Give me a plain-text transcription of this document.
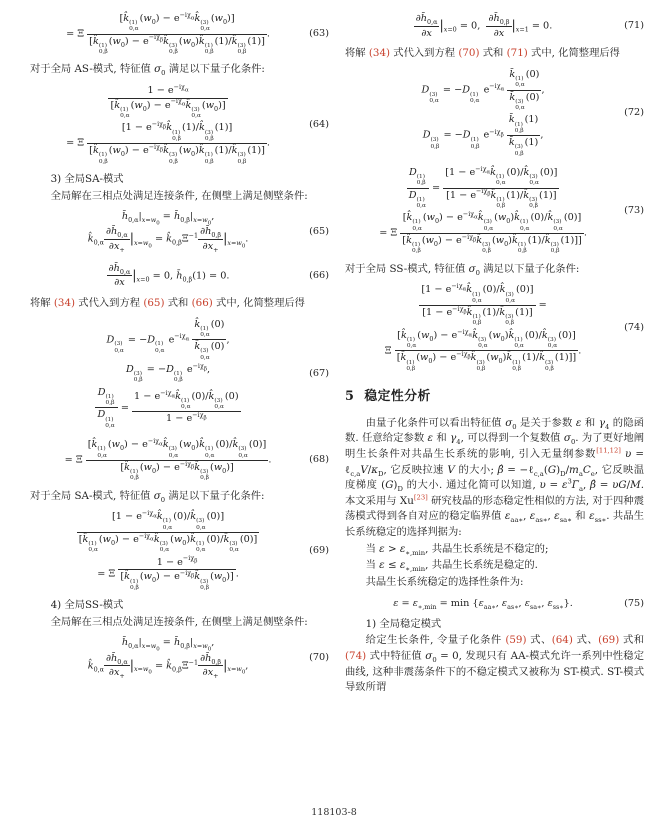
= Ξ
[k̂ (1)
0,α
$(w_0)$ − $e^{-i\chi_\alpha}k̂$ (3)
0,α
$(w_0)$]
[k̂ (1)
0,β
$(w_0)$ − $e^{-i\chi_\beta}k̂$ (3)
0,β
$(w_0)k̂$ (1)
0,β
(1)/k̂ (3)
0,β
(1)]
.	(63)
对于全局 AS-模式, 特征值 $\sigma_0$ 满足以下量子化条件:
$1 - e^{-i\chi_\alpha}$
[k̂ (1)
0,α
$(w_0)$ − $e^{-i\chi_\alpha}k̂$ (3)
0,α
$(w_0)$]
= Ξ
[$1 - e^{-i\chi_\beta}k̂$ (1)
0,β
(1)/k̂ (3)
0,β
(1)]
[k̂ (1)
0,β
$(w_0)$ − $e^{-i\chi_\beta}k̂$ (3)
0,β
$(w_0)k̂$ (1)
0,β
(1)/k̂ (3)
0,β
(1)]
.
(64)
3) 全局SA-模式
全局解在三相点处满足连接条件, 在侧壁上满足侧壁条件:
$h̄_{0,\alpha}|_{x=w_0}$ = $h̄_{0,\beta}|_{x=w_0}$,
$k̂_{0,\alpha} \frac{\partial h̄_{0,\alpha}}{\partial x_+} |_{x=w_0}$ = $k̂_{0,\beta}\Xi^{-1} \frac{\partial h̄_{0,\beta}}{\partial x_+} |_{x=w_0}$.
(65)
$\frac{\partial h̄_{0,\alpha}}{\partial x} |_{x=0} = 0$, $h̄_{0,\beta}(1) = 0$.	(66)
将解 (34) 式代入到方程 (65) 式和 (66) 式中, 化简整理后得
D (3)
0,α
= −D (1)
0,α
$e^{-i\chi_\alpha}$ k̂ (1)
0,α
(0)
k̂ (3)
0,α
(0) ,
D (3)
0,β
= −D (1)
0,β
$e^{-i\chi_\beta}$,
D (1)
0,β
D (1)
0,α =
$1 - e^{-i\chi_\alpha}k̂$ (1)
0,α
(0)/k̂ (3)
0,α
(0)
$1 - e^{-i\chi_\beta}$
(67)
= Ξ
[k̂ (1)
0,α
$(w_0)$ − $e^{-i\chi_\alpha}k̂$ (3)
0,α
$(w_0)k̂$ (1)
0,α
(0)/k̂ (3)
0,α
(0)]
[k̂ (1)
0,β
$(w_0)$ − $e^{-i\chi_\beta}k̂$ (3)
0,β
$(w_0)$]
.	(68)
对于全局 SA-模式, 特征值 $\sigma_0$ 满足以下量子化条件:
[$1 - e^{-i\chi_\alpha}k̂$ (1)
0,α
(0)/k̂ (3)
0,α
(0)]
[k̂ (1)
0,α
$(w_0)$ − $e^{-i\chi_\alpha}k̂$ (3)
0,α
$(w_0)k̂$ (1)
0,α
(0)/k̂ (3)
0,α
(0)]
= Ξ
$1 - e^{-i\chi_\beta}$
[k̂ (1)
0,β
$(w_0)$ − $e^{-i\chi_\beta}k̂$ (3)
0,β
$(w_0)$] .
(69)
4) 全局SS-模式
全局解在三相点处满足连接条件, 在侧壁上满足侧壁条件:
$h̄_{0,\alpha}|_{x=w_0}$ = $h̄_{0,\beta}|_{x=w_0}$,
$k̂_{0,\alpha} \frac{\partial h̄_{0,\alpha}}{\partial x_+} |_{x=w_0}$ = $k̂_{0,\beta}\Xi^{-1} \frac{\partial h̄_{0,\beta}}{\partial x_+} |_{x=w_0}$,
(70)
$\frac{\partial h̄_{0,\alpha}}{\partial x} |_{x=0} = 0$, $\frac{\partial h̄_{0,\beta}}{\partial x} |_{x=1} = 0$.	(71)
将解 (34) 式代入到方程 (70) 式和 (71) 式中, 化简整理后得
D (3)
0,α
= −D (1)
0,α
$e^{-i\chi_\alpha}$ k̄ (1)
0,α
(0)
k̄ (3)
0,α
(0) ,
D (3)
0,β
= −D (1)
0,β
$e^{-i\chi_\beta}$ k̄ (1)
0,β
(1)
k̄ (3)
0,β
(1) ,
(72)
D (1)
0,β
D (1)
0,α =
[$1 - e^{-i\chi_\alpha}k̂$ (1)
0,α
(0)/k̂ (3)
0,α
(0)]
[$1 - e^{-i\chi_\beta}k̂$ (1)
0,β
(1)/k̂ (3)
0,β
(1)]
= Ξ
[k̂ (1)
0,α
$(w_0)$ − $e^{-i\chi_\alpha}k̂$ (3)
0,α
$(w_0)k̂$ (1)
0,α
(0)/k̂ (3)
0,α
(0)]
[k̂ (1)
0,β
$(w_0)$ − $e^{-i\chi_\beta}k̂$ (3)
0,β
$(w_0)k̂$ (1)
0,β
(1)/k̂ (3)
0,β
(1)]]
.
(73)
对于全局 SS-模式, 特征值 $\sigma_0$ 满足以下量子化条件:
[$1 - e^{-i\chi_\alpha}k̂$ (1)
0,α
(0)/k̂ (3)
0,α
(0)]
[$1 - e^{-i\chi_\beta}k̂$ (1)
0,β
(1)/k̂ (3)
0,β
(1)]
=
Ξ
[k̂ (1)
0,α
$(w_0)$ − $e^{-i\chi_\alpha}k̂$ (3)
0,α
$(w_0)k̂$ (1)
0,α
(0)/k̂ (3)
0,α
(0)]
[k̂ (1)
0,β
$(w_0)$ − $e^{-i\chi_\beta}k̂$ (3)
0,β
$(w_0)k̂$ (1)
0,β
(1)/k̂ (3)
0,β
(1)]]
.
(74)
5  稳定性分析
由量子化条件可以看出特征值 $\sigma_0$ 是关于参数 ε 和 $\gamma_4$ 的隐函数. 任意给定参数 ε 和 $\gamma_4$, 可以得到一个复数值 $\sigma_0$. 为了更好地阐明生长条件对共晶生长系统的影响, 引入无量纲参数[11,12] $\upsilon = \ell_{c,a}V/\kappa_D$, 它反映拉速 V 的大小; β̂ = $-\ell_{c,a}(G)_D/m_aC_e$, 它反映温度梯度 $(G)_D$ 的大小. 通过化简可以知道, $\upsilon = \varepsilon^3\Gammā_a$, β̂ = υG/M. 本文采用与 Xu[23] 研究枝晶的形态稳定性相似的方法, 对于四种震荡模式得到各自对应的稳定临界值 $\varepsilon_{aa∗}$, $\varepsilon_{as∗}$, $\varepsilon_{sa∗}$ 和 $\varepsilon_{ss∗}$. 共晶生长系统稳定的选择判据为:
当 $\varepsilon > \varepsilon_{∗,min}$, 共晶生长系统是不稳定的;
当 $\varepsilon \le \varepsilon_{∗,min}$, 共晶生长系统是稳定的.
共晶生长系统稳定的选择性条件为:
$\varepsilon = \varepsilon_{∗,min} = \min \{\varepsilon_{aa∗}$, $\varepsilon_{as∗}$, $\varepsilon_{sa∗}$, $\varepsilon_{ss∗}$}.	(75)
1) 全局稳定模式
给定生长条件, 令量子化条件 (59) 式、(64) 式、(69) 式和 (74) 式中特征值 $\sigma_0 = 0$, 发现只有 AA-模式允许一系列中性稳定曲线, 这种非震荡条件下的不稳定模式又被称为 ST-模式. ST-模式导致所谓
118103-8
